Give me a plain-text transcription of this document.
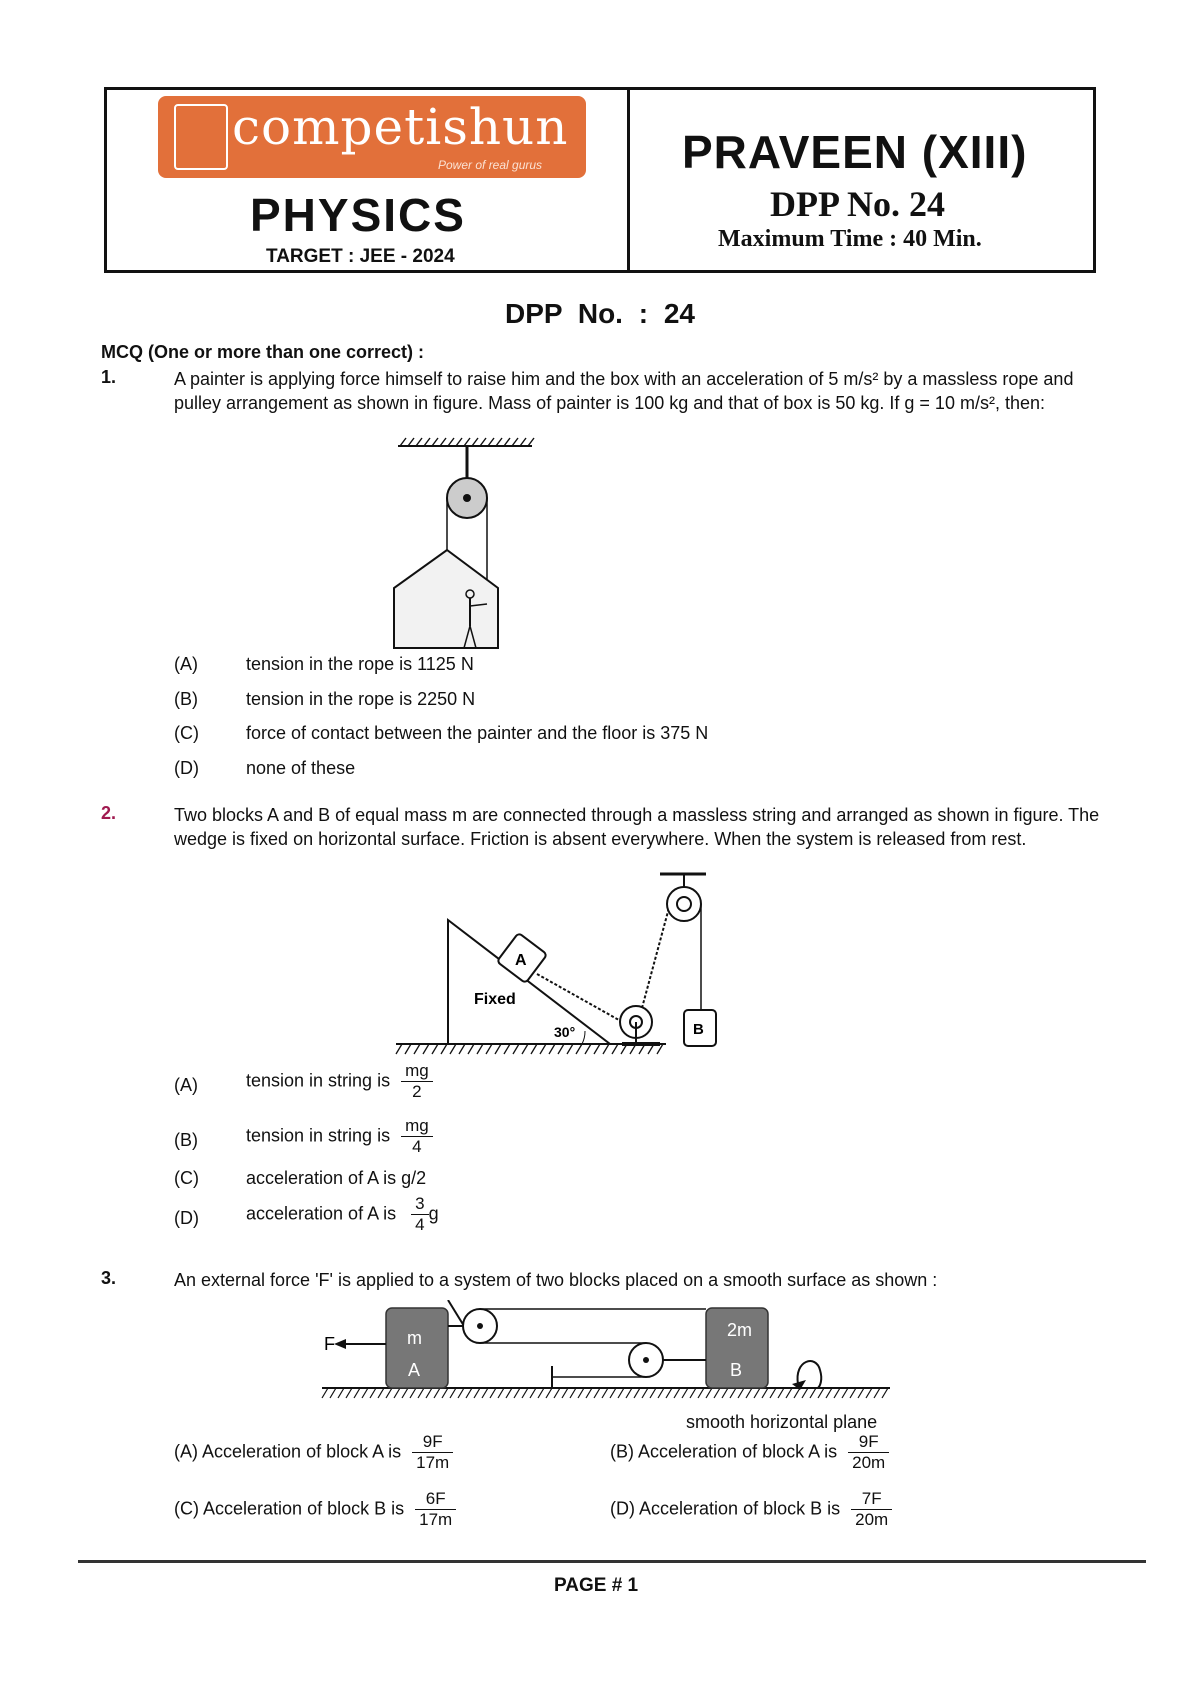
competishun
Power of real gurus
PHYSICS
TARGET : JEE - 2024
PRAVEEN (XIII)
DPP No. 24
Maximum Time : 40 Min.
DPP No. : 24
MCQ (One or more than one correct) :
1.	A painter is applying force himself to raise him and the box with an acceleration of 5 m/s² by a massless rope and pulley arrangement as shown in figure. Mass of painter is 100 kg and that of box is 50 kg. If g = 10 m/s², then:
(A)	tension in the rope is 1125 N
(B)	tension in the rope is 2250 N
(C)	force of contact between the painter and the floor is 375 N
(D)	none of these
2.	Two blocks A and B of equal mass m are connected through a massless string and arranged as shown in figure. The wedge is fixed on horizontal surface. Friction is absent everywhere. When the system is released from rest.
Fixed
30°
A
B
(A)	tension in string is $\frac{mg}{2}$
(B)	tension in string is $\frac{mg}{4}$
(C)	acceleration of A is g/2
(D)	acceleration of A is $\frac{3}{4}$ g
3.	An external force 'F' is applied to a system of two blocks placed on a smooth surface as shown :
m
A
2m
B
F
smooth horizontal plane
(A) Acceleration of block A is $\frac{9F}{17m}$	(B) Acceleration of block A is $\frac{9F}{20m}$
(C) Acceleration of block B is $\frac{6F}{17m}$	(D) Acceleration of block B is $\frac{7F}{20m}$
PAGE # 1
